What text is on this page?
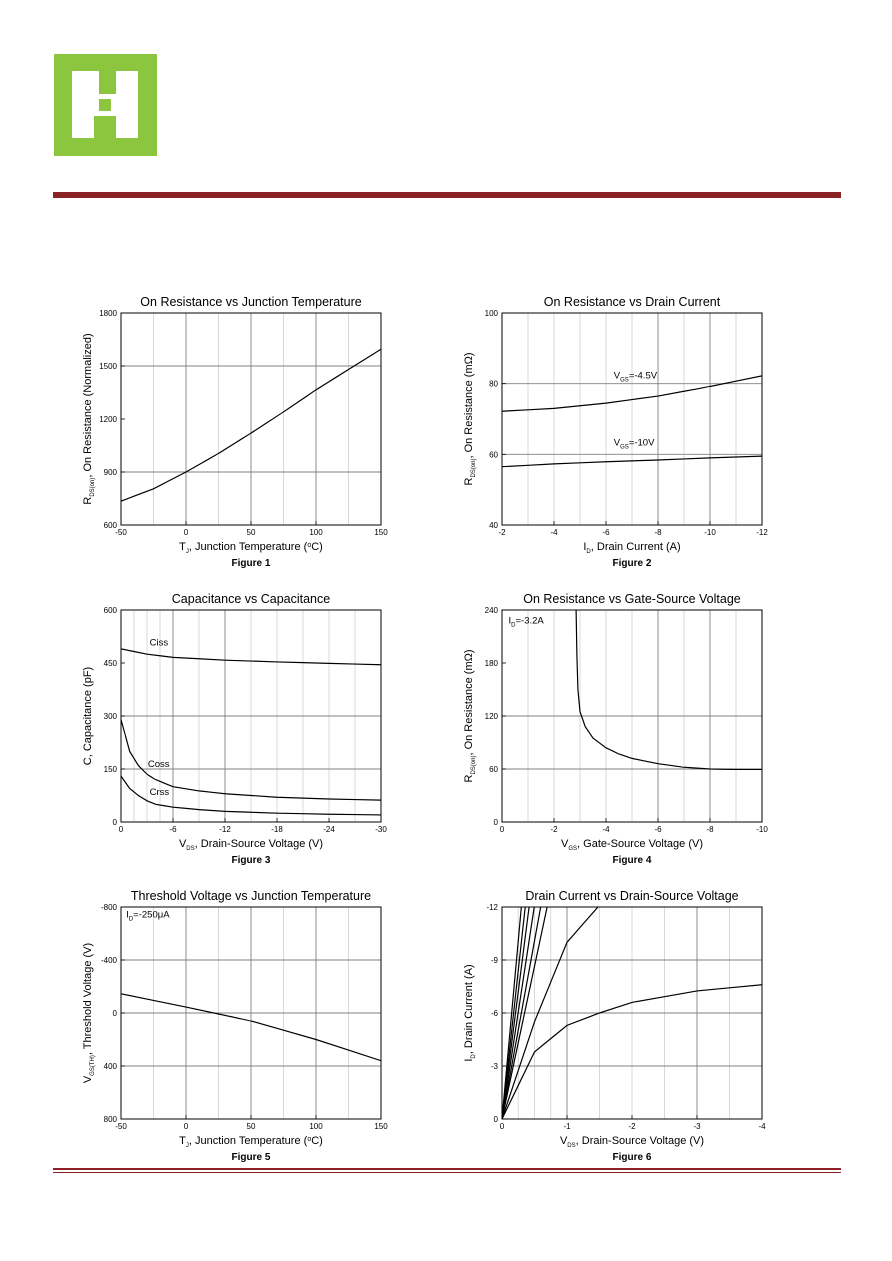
On Resistance vs Junction Temperature
-50	0	50	100	150
600
900
1200
1500
1800
$T_J$, Junction Temperature ($^o$C)
$R_{DS(on)}$, On Resistance (Normalized)
Figure 1
On Resistance vs Drain Current
-2	-4	-6	-8	-10	-12
40
60
80
100
$V_{GS}=-4.5V$
$V_{GS}=-10V$
$I_D$, Drain Current (A)
$R_{DS(on)}$, On Resistance (mΩ)
Figure 2
Capacitance vs Capacitance
0	-6	-12	-18	-24	-30
0
150
300
450
600
Ciss
Coss
Crss
$V_{DS}$, Drain-Source Voltage (V)
C, Capacitance (pF)
Figure 3
On Resistance vs Gate-Source Voltage
0	-2	-4	-6	-8	-10
0
60
120
180
240
$I_D=-3.2A$
$V_{GS}$, Gate-Source Voltage (V)
$R_{DS(on)}$, On Resistance (mΩ)
Figure 4
Threshold Voltage vs Junction Temperature
-50	0	50	100	150
-800
-400
0
400
800
$I_D=-250\mu A$
$T_J$, Junction Temperature ($^o$C)
$V_{GS(TH)}$, Threshold Voltage (V)
Figure 5
Drain Current vs Drain-Source Voltage
0	-1	-2	-3	-4
0
-3
-6
-9
-12
$V_{DS}$, Drain-Source Voltage (V)
$I_D$, Drain Current (A)
Figure 6
